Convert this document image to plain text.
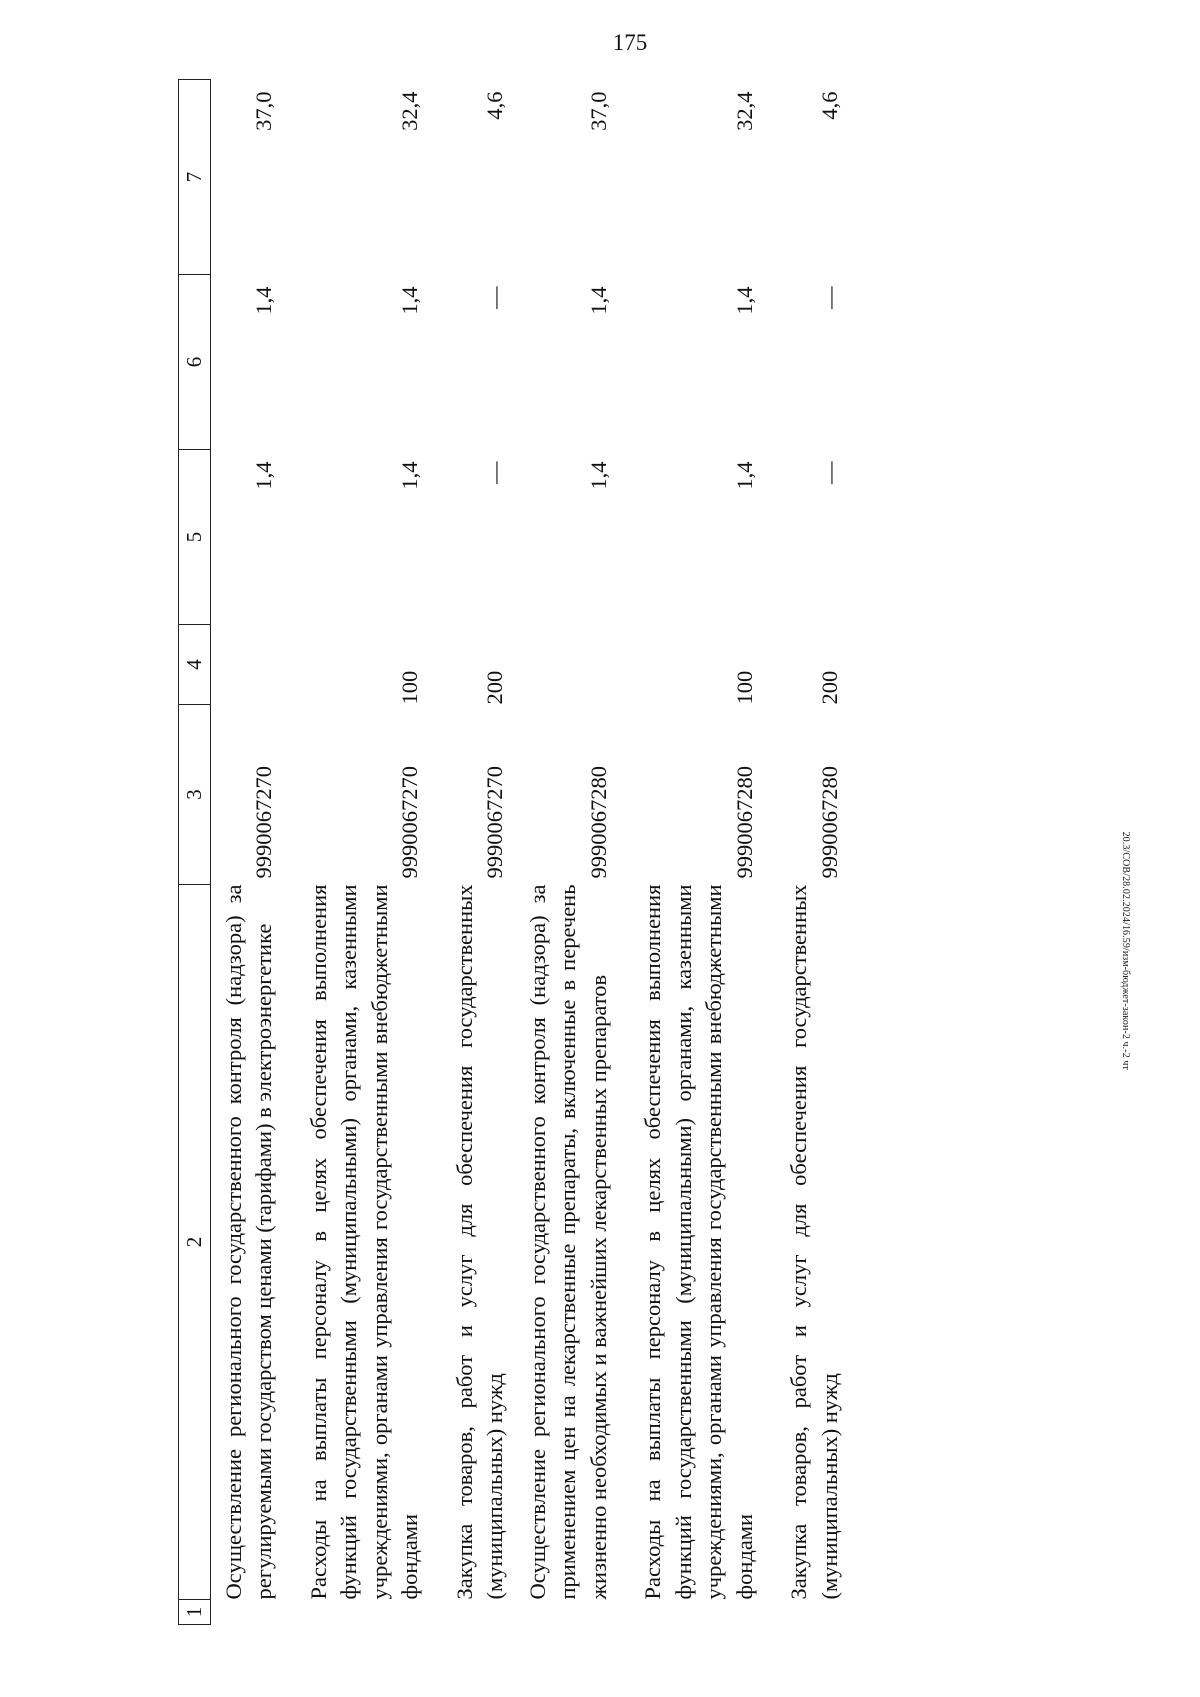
175
20.3/СОВ/28.02.2024/16.59/изм-бюджет-закон-2 ч.-2 чт
1	2	3	4	5	6	7
	Осуществление регионального государственного контроля (надзора) за регулируемыми государством ценами (тарифами) в электроэнергетике	9990067270		1,4	1,4	37,0
	Расходы на выплаты персоналу в целях обеспечения выполнения функций государственными (муниципальными) органами, казенными учреждениями, органами управления государственными внебюджетными фондами	9990067270	100	1,4	1,4	32,4
	Закупка товаров, работ и услуг для обеспечения государственных (муниципальных) нужд	9990067270	200	—	—	4,6
	Осуществление регионального государственного контроля (надзора) за применением цен на лекарственные препараты, включенные в перечень жизненно необходимых и важнейших лекарственных препаратов	9990067280		1,4	1,4	37,0
	Расходы на выплаты персоналу в целях обеспечения выполнения функций государственными (муниципальными) органами, казенными учреждениями, органами управления государственными внебюджетными фондами	9990067280	100	1,4	1,4	32,4
	Закупка товаров, работ и услуг для обеспечения государственных (муниципальных) нужд	9990067280	200	—	—	4,6
